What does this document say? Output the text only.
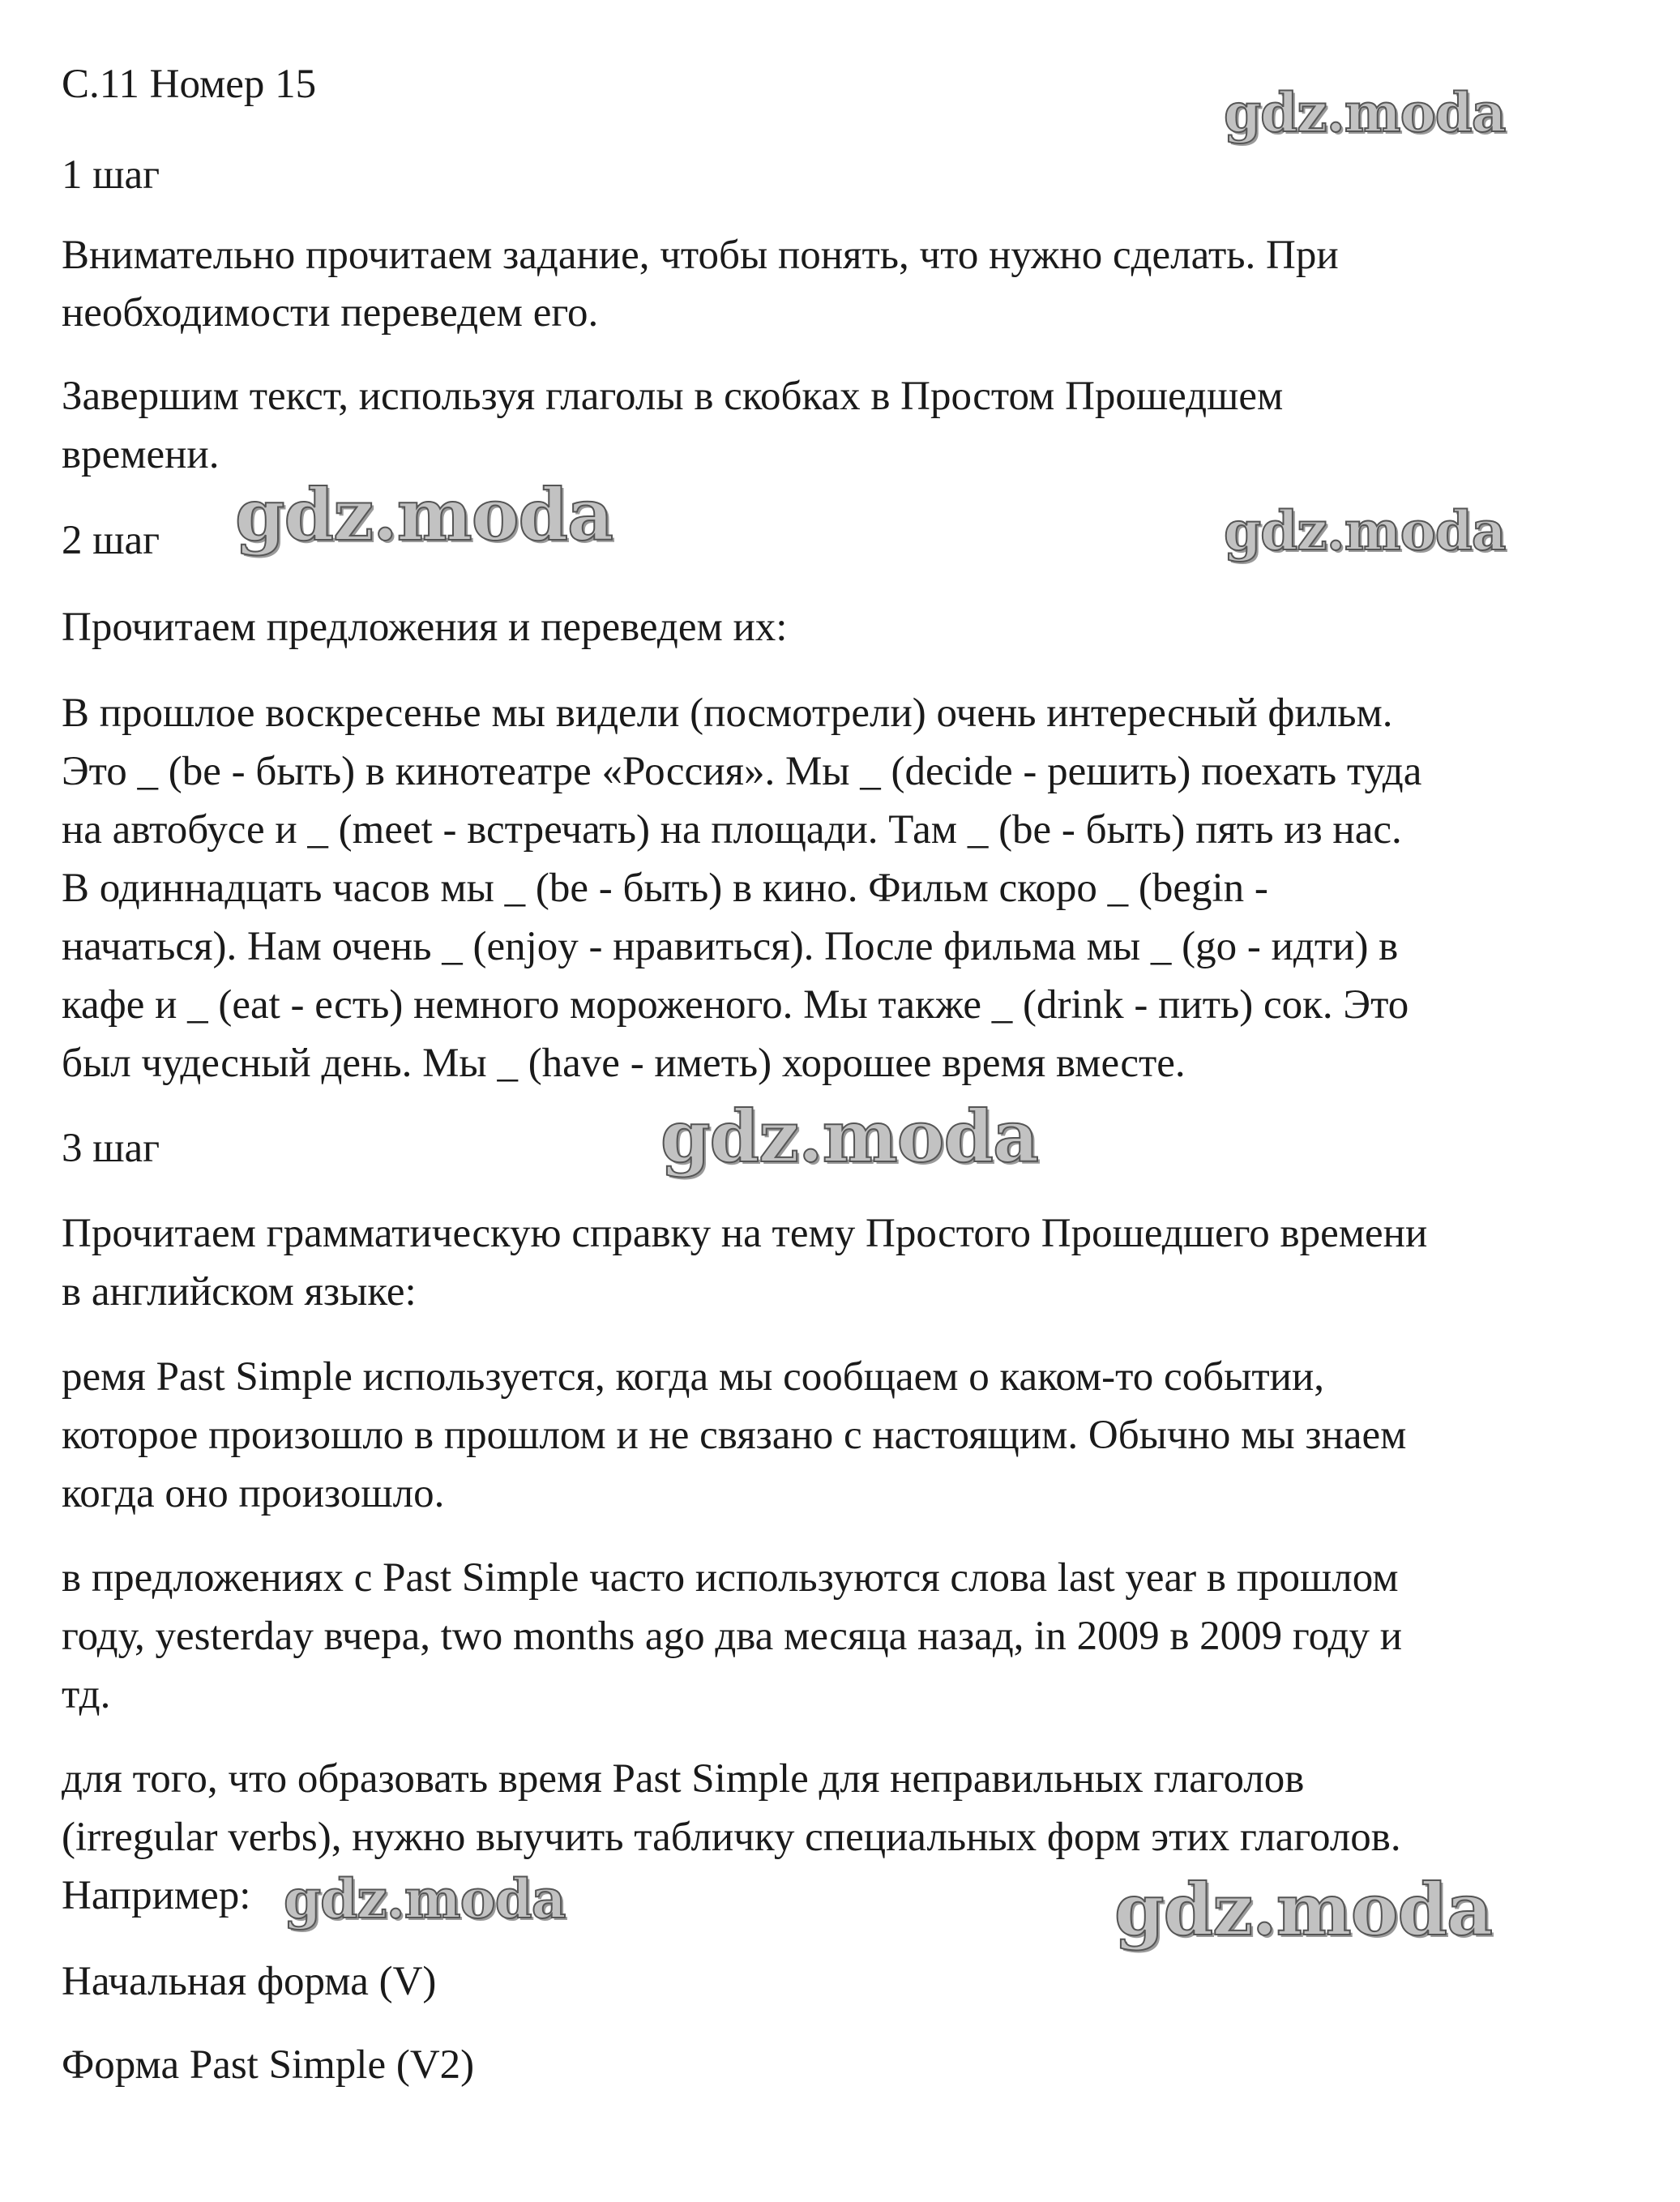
С.11 Номер 15
1 шаг
Внимательно прочитаем задание, чтобы понять, что нужно сделать. При
необходимости переведем его.
Завершим текст, используя глаголы в скобках в Простом Прошедшем
времени.
2 шаг
Прочитаем предложения и переведем их:
В прошлое воскресенье мы видели (посмотрели) очень интересный фильм.
Это _ (be - быть) в кинотеатре «Россия». Мы _ (decide - решить) поехать туда
на автобусе и _ (meet - встречать) на площади. Там _ (be - быть) пять из нас.
В одиннадцать часов мы _ (be - быть) в кино. Фильм скоро _ (begin -
начаться). Нам очень _ (enjoy - нравиться). После фильма мы _ (go - идти) в
кафе и _ (eat - есть) немного мороженого. Мы также _ (drink - пить) сок. Это
был чудесный день. Мы _ (have - иметь) хорошее время вместе.
3 шаг
Прочитаем грамматическую справку на тему Простого Прошедшего времени
в английском языке:
ремя Past Simple используется, когда мы сообщаем о каком-то событии,
которое произошло в прошлом и не связано с настоящим. Обычно мы знаем
когда оно произошло.
в предложениях с Past Simple часто используются слова last year в прошлом
году, yesterday вчера, two months ago два месяца назад, in 2009 в 2009 году и
тд.
для того, что образовать время Past Simple для неправильных глаголов
(irregular verbs), нужно выучить табличку специальных форм этих глаголов.
Например:
Начальная форма (V)
Форма Past Simple (V2)
gdz.moda
gdz.moda	gdz.moda
gdz.moda
gdz.moda	gdz.moda
